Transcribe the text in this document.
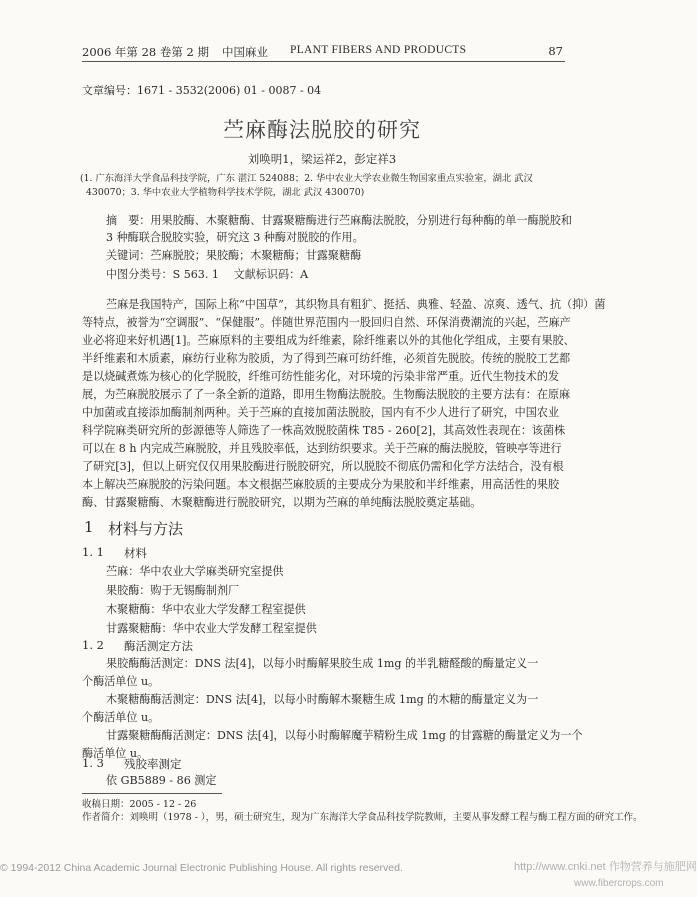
2006 年第 28 卷第 2 期 中国麻业 PLANT FIBERS AND PRODUCTS	87
文章编号：1671 - 3532(2006) 01 - 0087 - 04
苎麻酶法脱胶的研究
刘唤明1，梁运祥2，彭定祥3
(1. 广东海洋大学食品科技学院，广东 湛江 524088；2. 华中农业大学农业微生物国家重点实验室，湖北 武汉
430070；3. 华中农业大学植物科学技术学院，湖北 武汉 430070)
摘　要：用果胶酶、木聚糖酶、甘露聚糖酶进行苎麻酶法脱胶，分别进行每种酶的单一酶脱胶和
3 种酶联合脱胶实验，研究这 3 种酶对脱胶的作用。
关键词：苎麻脱胶；果胶酶；木聚糖酶；甘露聚糖酶
中图分类号：S 563. 1　 文献标识码：A
苎麻是我国特产，国际上称“中国草”，其织物具有粗犷、挺括、典雅、轻盈、凉爽、透气、抗（抑）菌
等特点，被誉为“空调服”、“保健服”。伴随世界范围内一股回归自然、环保消费潮流的兴起，苎麻产
业必将迎来好机遇[1]。苎麻原料的主要组成为纤维素，除纤维素以外的其他化学组成，主要有果胶、
半纤维素和木质素，麻纺行业称为胶质，为了得到苎麻可纺纤维，必须首先脱胶。传统的脱胶工艺都
是以烧碱煮炼为核心的化学脱胶，纤维可纺性能劣化，对环境的污染非常严重。近代生物技术的发
展，为苎麻脱胶展示了了一条全新的道路，即用生物酶法脱胶。生物酶法脱胶的主要方法有：在原麻
中加菌或直接添加酶制剂两种。关于苎麻的直接加菌法脱胶，国内有不少人进行了研究，中国农业
科学院麻类研究所的彭源德等人筛选了一株高效脱胶菌株 T85 - 260[2]，其高效性表现在：该菌株
可以在 8 h 内完成苎麻脱胶，并且残胶率低，达到纺织要求。关于苎麻的酶法脱胶，管映亭等进行
了研究[3]，但以上研究仅仅用果胶酶进行脱胶研究，所以脱胶不彻底仍需和化学方法结合，没有根
本上解决苎麻脱胶的污染问题。本文根据苎麻胶质的主要成分为果胶和半纤维素，用高活性的果胶
酶、甘露聚糖酶、木聚糖酶进行脱胶研究，以期为苎麻的单纯酶法脱胶奠定基础。
1 材料与方法
1. 1 材料
苎麻：华中农业大学麻类研究室提供
果胶酶：购于无锡酶制剂厂
木聚糖酶：华中农业大学发酵工程室提供
甘露聚糖酶：华中农业大学发酵工程室提供
1. 2 酶活测定方法
果胶酶酶活测定：DNS 法[4]，以每小时酶解果胶生成 1mg 的半乳糖醛酸的酶量定义一
个酶活单位 u。
木聚糖酶酶活测定：DNS 法[4]，以每小时酶解木聚糖生成 1mg 的木糖的酶量定义为一
个酶活单位 u。
甘露聚糖酶酶活测定：DNS 法[4]，以每小时酶解魔芋精粉生成 1mg 的甘露糖的酶量定义为一个
酶活单位 u。
1. 3 残胶率测定
依 GB5889 - 86 测定
收稿日期：2005 - 12 - 26
作者简介：刘唤明（1978 - ），男，硕士研究生，现为广东海洋大学食品科技学院教师，主要从事发酵工程与酶工程方面的研究工作。
© 1994-2012 China Academic Journal Electronic Publishing House. All rights reserved.	http://www.cnki.net 作物营养与施肥网
www.fibercrops.com
